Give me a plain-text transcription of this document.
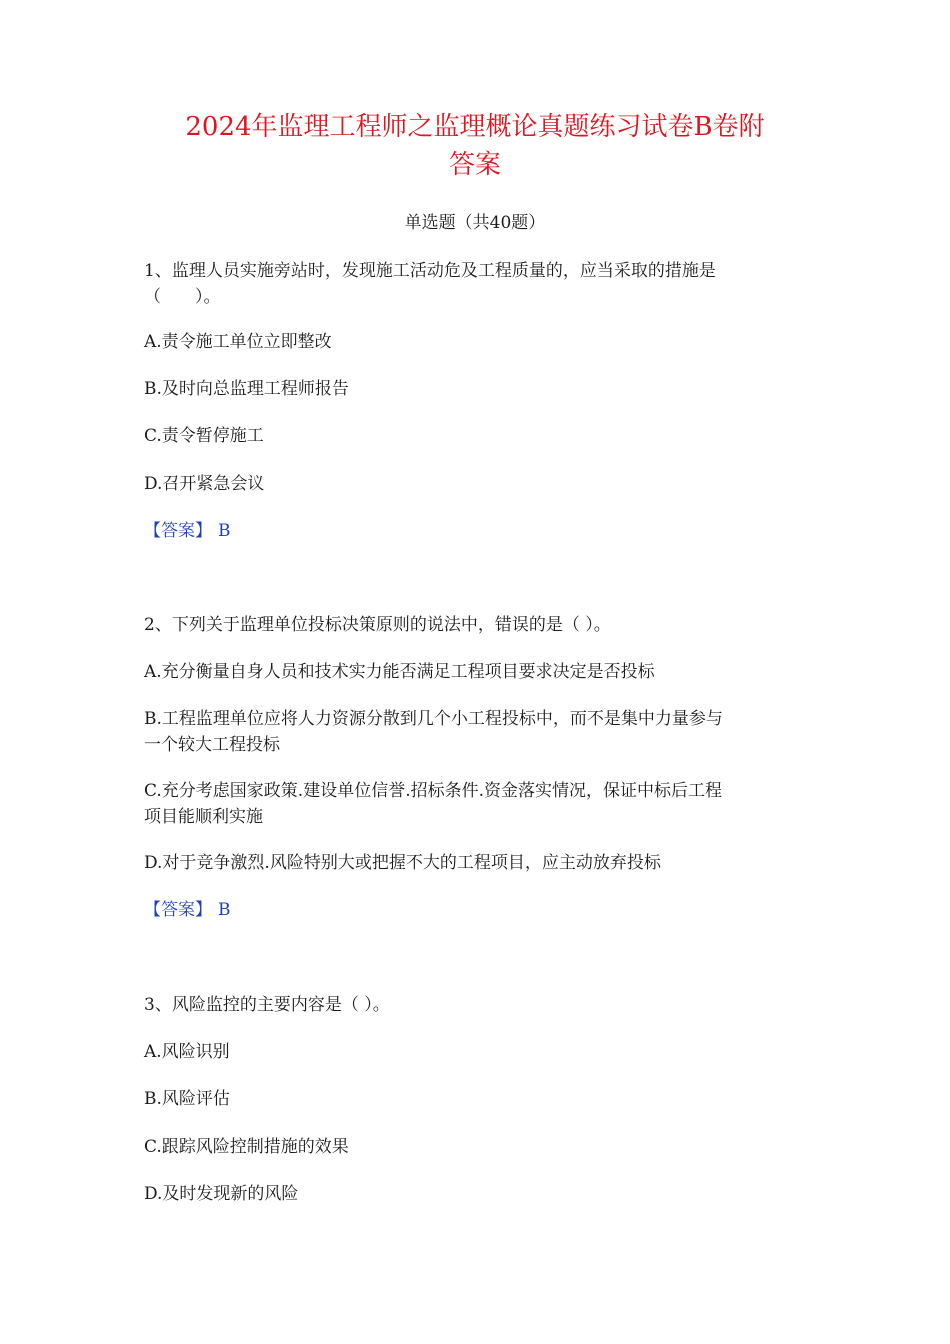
2024年监理工程师之监理概论真题练习试卷B卷附
答案
单选题（共40题）
1、监理人员实施旁站时，发现施工活动危及工程质量的，应当采取的措施是
（　　）。
A.责令施工单位立即整改
B.及时向总监理工程师报告
C.责令暂停施工
D.召开紧急会议
【答案】 B
2、下列关于监理单位投标决策原则的说法中，错误的是（ ）。
A.充分衡量自身人员和技术实力能否满足工程项目要求决定是否投标
B.工程监理单位应将人力资源分散到几个小工程投标中，而不是集中力量参与
一个较大工程投标
C.充分考虑国家政策.建设单位信誉.招标条件.资金落实情况，保证中标后工程
项目能顺利实施
D.对于竞争激烈.风险特别大或把握不大的工程项目，应主动放弃投标
【答案】 B
3、风险监控的主要内容是（ ）。
A.风险识别
B.风险评估
C.跟踪风险控制措施的效果
D.及时发现新的风险
